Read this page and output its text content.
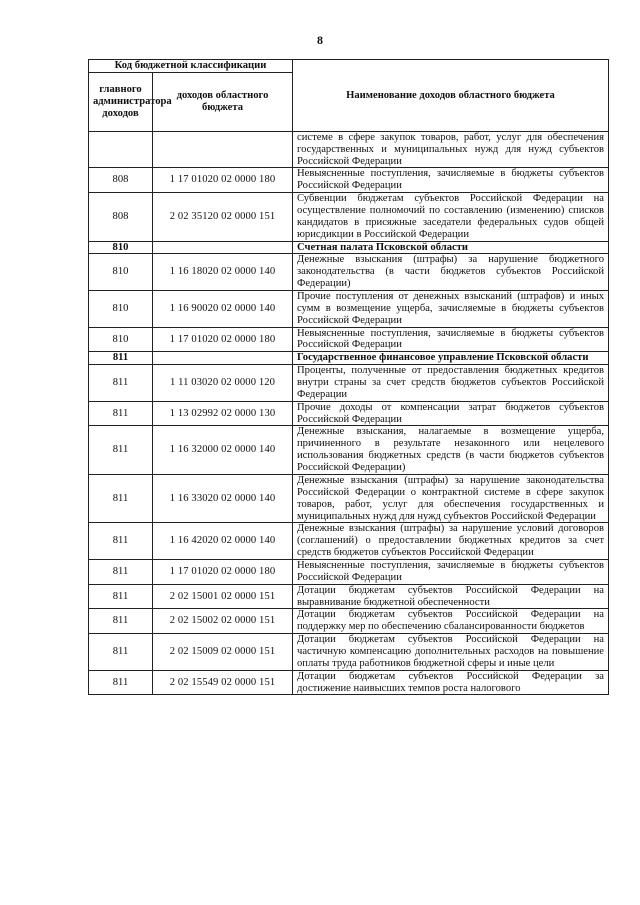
8
Код бюджетной классификации		Наименование доходов областного бюджета
главного администратора доходов	доходов областного бюджета	
		системе в сфере закупок товаров, работ, услуг для обеспечения государственных и муниципальных нужд для нужд субъектов Российской Федерации
808	1 17 01020 02 0000 180	Невыясненные поступления, зачисляемые в бюджеты субъектов Российской Федерации
808	2 02 35120 02 0000 151	Субвенции бюджетам субъектов Российской Федерации на осуществление полномочий по составлению (изменению) списков кандидатов в присяжные заседатели федеральных судов общей юрисдикции в Российской Федерации
810		Счетная палата Псковской области
810	1 16 18020 02 0000 140	Денежные взыскания (штрафы) за нарушение бюджетного законодательства (в части бюджетов субъектов Российской Федерации)
810	1 16 90020 02 0000 140	Прочие поступления от денежных взысканий (штрафов) и иных сумм в возмещение ущерба, зачисляемые в бюджеты субъектов Российской Федерации
810	1 17 01020 02 0000 180	Невыясненные поступления, зачисляемые в бюджеты субъектов Российской Федерации
811		Государственное финансовое управление Псковской области
811	1 11 03020 02 0000 120	Проценты, полученные от предоставления бюджетных кредитов внутри страны за счет средств бюджетов субъектов Российской Федерации
811	1 13 02992 02 0000 130	Прочие доходы от компенсации затрат бюджетов субъектов Российской Федерации
811	1 16 32000 02 0000 140	Денежные взыскания, налагаемые в возмещение ущерба, причиненного в результате незаконного или нецелевого использования бюджетных средств (в части бюджетов субъектов Российской Федерации)
811	1 16 33020 02 0000 140	Денежные взыскания (штрафы) за нарушение законодательства Российской Федерации о контрактной системе в сфере закупок товаров, работ, услуг для обеспечения государственных и муниципальных нужд для нужд субъектов Российской Федерации
811	1 16 42020 02 0000 140	Денежные взыскания (штрафы) за нарушение условий договоров (соглашений) о предоставлении бюджетных кредитов за счет средств бюджетов субъектов Российской Федерации
811	1 17 01020 02 0000 180	Невыясненные поступления, зачисляемые в бюджеты субъектов Российской Федерации
811	2 02 15001 02 0000 151	Дотации бюджетам субъектов Российской Федерации на выравнивание бюджетной обеспеченности
811	2 02 15002 02 0000 151	Дотации бюджетам субъектов Российской Федерации на поддержку мер по обеспечению сбалансированности бюджетов
811	2 02 15009 02 0000 151	Дотации бюджетам субъектов Российской Федерации на частичную компенсацию дополнительных расходов на повышение оплаты труда работников бюджетной сферы и иные цели
811	2 02 15549 02 0000 151	Дотации бюджетам субъектов Российской Федерации за достижение наивысших темпов роста налогового
